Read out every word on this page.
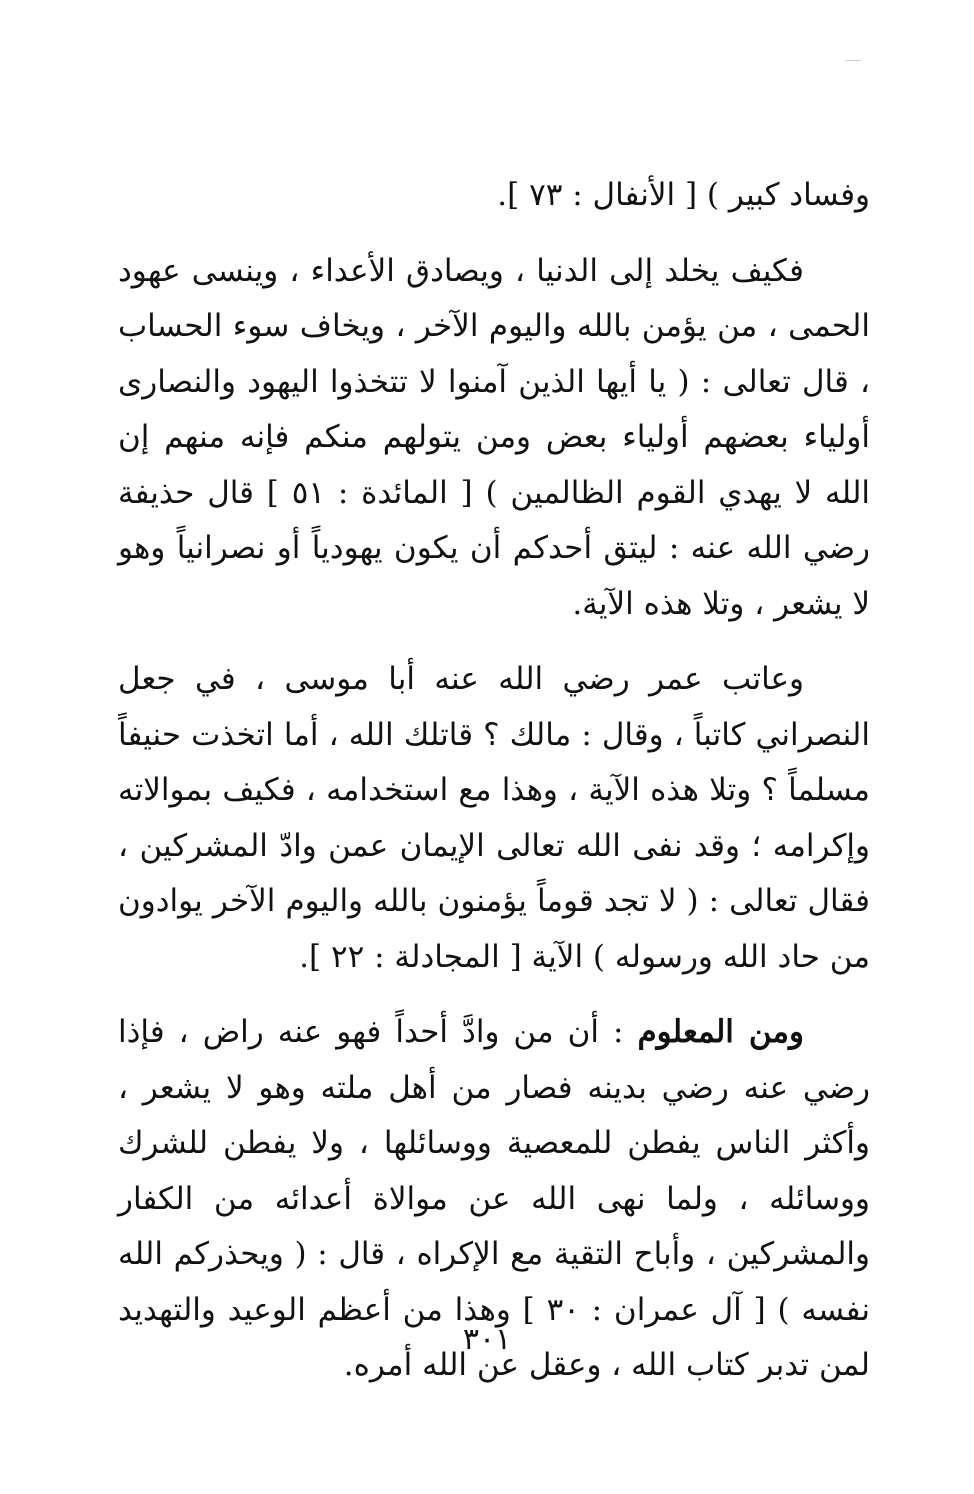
وفساد كبير ) [ الأنفال : ٧٣ ].

فكيف يخلد إلى الدنيا ، ويصادق الأعداء ، وينسى عهود الحمى ، من يؤمن بالله واليوم الآخر ، ويخاف سوء الحساب ، قال تعالى : ( يا أيها الذين آمنوا لا تتخذوا اليهود والنصارى أولياء بعضهم أولياء بعض ومن يتولهم منكم فإنه منهم إن الله لا يهدي القوم الظالمين ) [ المائدة : ٥١ ] قال حذيفة رضي الله عنه : ليتق أحدكم أن يكون يهودياً أو نصرانياً وهو لا يشعر ، وتلا هذه الآية.

وعاتب عمر رضي الله عنه أبا موسى ، في جعل النصراني كاتباً ، وقال : مالك ؟ قاتلك الله ، أما اتخذت حنيفاً مسلماً ؟ وتلا هذه الآية ، وهذا مع استخدامه ، فكيف بموالاته وإكرامه ؛ وقد نفى الله تعالى الإيمان عمن وادّ المشركين ، فقال تعالى : ( لا تجد قوماً يؤمنون بالله واليوم الآخر يوادون من حاد الله ورسوله ) الآية [ المجادلة : ٢٢ ].

ومن المعلوم : أن من وادَّ أحداً فهو عنه راض ، فإذا رضي عنه رضي بدينه فصار من أهل ملته وهو لا يشعر ، وأكثر الناس يفطن للمعصية ووسائلها ، ولا يفطن للشرك ووسائله ، ولما نهى الله عن موالاة أعدائه من الكفار والمشركين ، وأباح التقية مع الإكراه ، قال : ( ويحذركم الله نفسه ) [ آل عمران : ٣٠ ] وهذا من أعظم الوعيد والتهديد لمن تدبر كتاب الله ، وعقل عن الله أمره.

٣٠١
